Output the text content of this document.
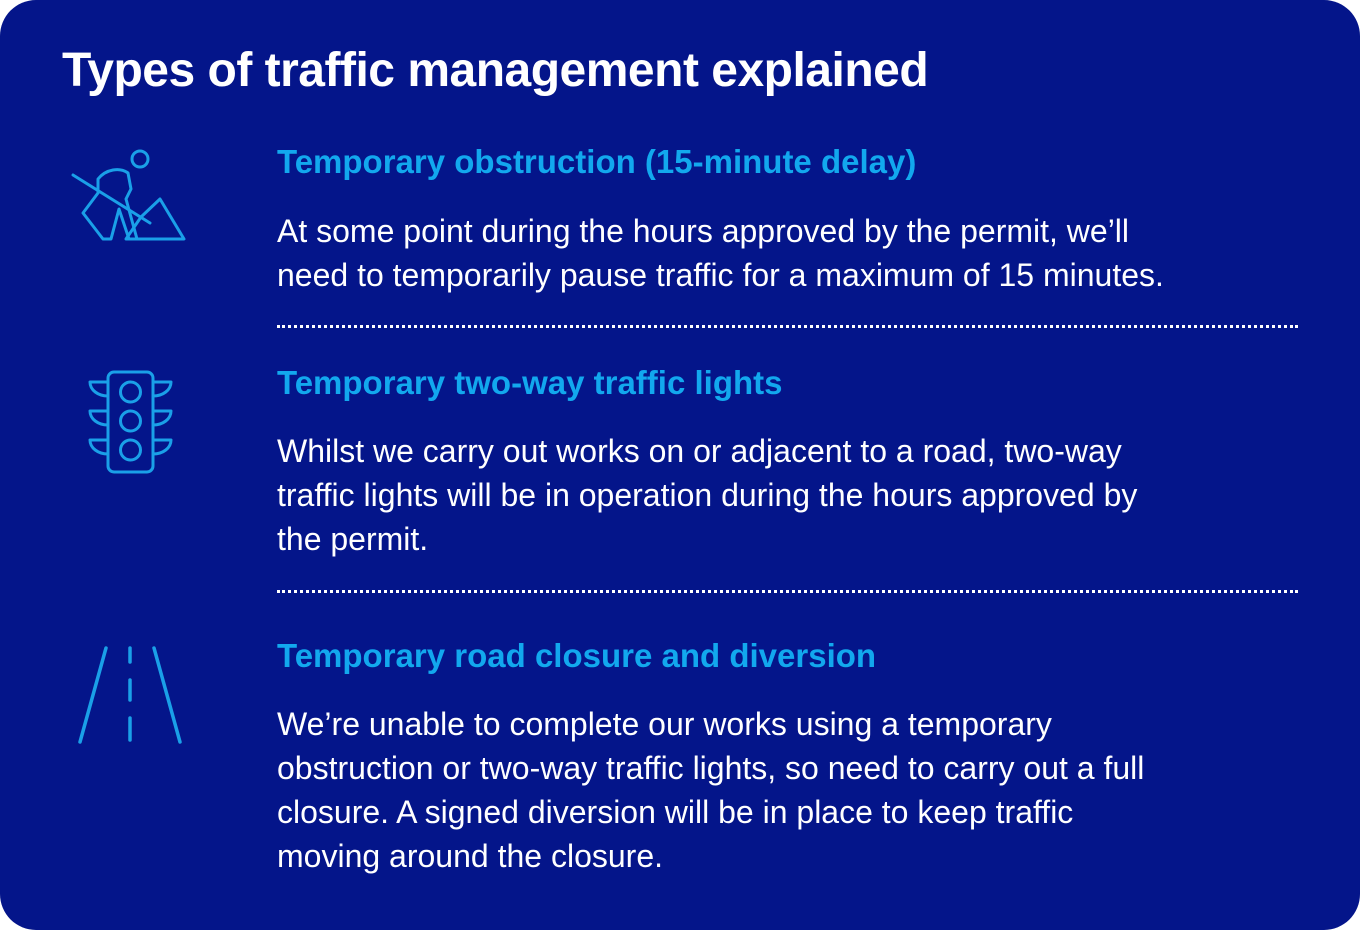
Types of traffic management explained
Temporary obstruction (15-minute delay)

At some point during the hours approved by the permit, we’ll
need to temporarily pause traffic for a maximum of 15 minutes.

Temporary two-way traffic lights

Whilst we carry out works on or adjacent to a road, two-way
traffic lights will be in operation during the hours approved by
the permit.

Temporary road closure and diversion

We’re unable to complete our works using a temporary
obstruction or two-way traffic lights, so need to carry out a full
closure. A signed diversion will be in place to keep traffic
moving around the closure.
